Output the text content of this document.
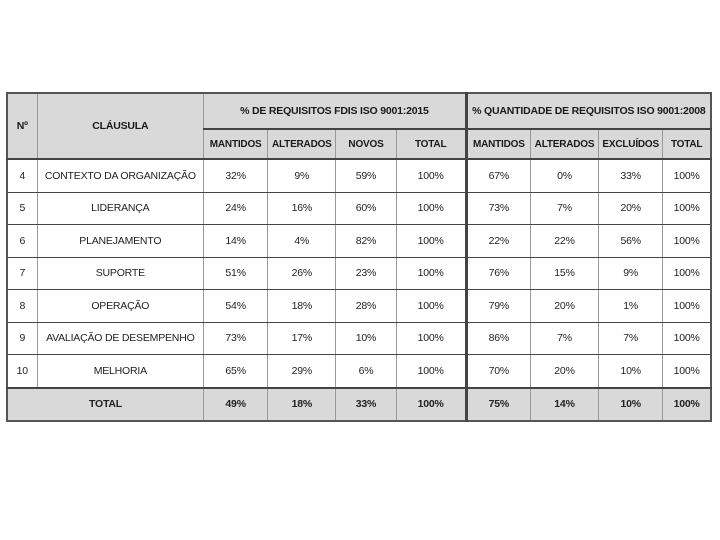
Nº	CLÁUSULA	% DE REQUISITOS FDIS ISO 9001:2015				% QUANTIDADE DE REQUISITOS ISO 9001:2008			
		MANTIDOS	ALTERADOS	NOVOS	TOTAL	MANTIDOS	ALTERADOS	EXCLUÍDOS	TOTAL
4	CONTEXTO DA ORGANIZAÇÃO	32%	9%	59%	100%	67%	0%	33%	100%
5	LIDERANÇA	24%	16%	60%	100%	73%	7%	20%	100%
6	PLANEJAMENTO	14%	4%	82%	100%	22%	22%	56%	100%
7	SUPORTE	51%	26%	23%	100%	76%	15%	9%	100%
8	OPERAÇÃO	54%	18%	28%	100%	79%	20%	1%	100%
9	AVALIAÇÃO DE DESEMPENHO	73%	17%	10%	100%	86%	7%	7%	100%
10	MELHORIA	65%	29%	6%	100%	70%	20%	10%	100%
TOTAL		49%	18%	33%	100%	75%	14%	10%	100%
